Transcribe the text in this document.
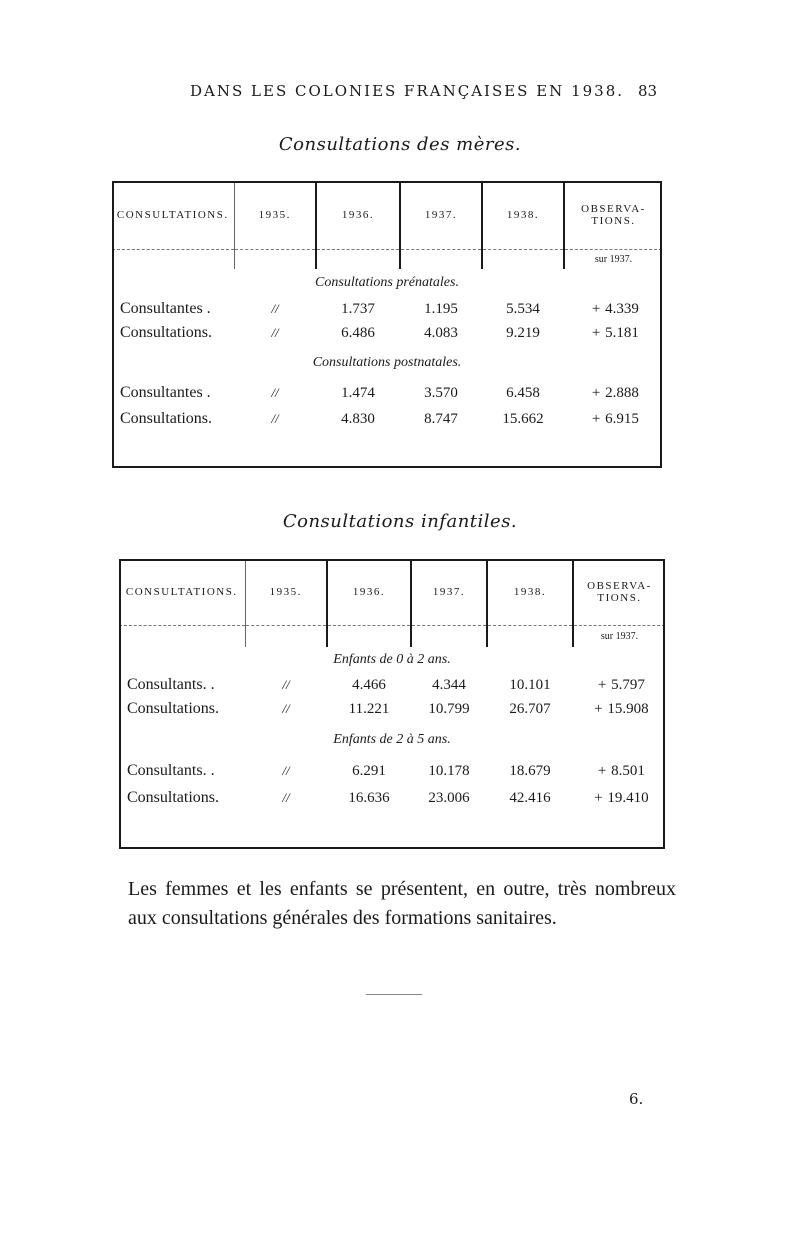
DANS LES COLONIES FRANÇAISES EN 1938. 83
Consultations des mères.
CONSULTATIONS.	1935.	1936.	1937.	1938.	OBSERVA-TIONS.

					sur 1937.
Consultations prénatales.					
Consultantes .	//	1.737	1.195	5.534	+ 4.339
Consultations.	//	6.486	4.083	9.219	+ 5.181
Consultations postnatales.					
Consultantes .	//	1.474	3.570	6.458	+ 2.888
Consultations.	//	4.830	8.747	15.662	+ 6.915
Consultations infantiles.
CONSULTATIONS.	1935.	1936.	1937.	1938.	OBSERVA-TIONS.

					sur 1937.
Enfants de 0 à 2 ans.					
Consultants. .	//	4.466	4.344	10.101	+ 5.797
Consultations.	//	11.221	10.799	26.707	+ 15.908
Enfants de 2 à 5 ans.					
Consultants. .	//	6.291	10.178	18.679	+ 8.501
Consultations.	//	16.636	23.006	42.416	+ 19.410
Les femmes et les enfants se présentent, en outre, très nombreux aux consultations générales des formations sanitaires.
6.
